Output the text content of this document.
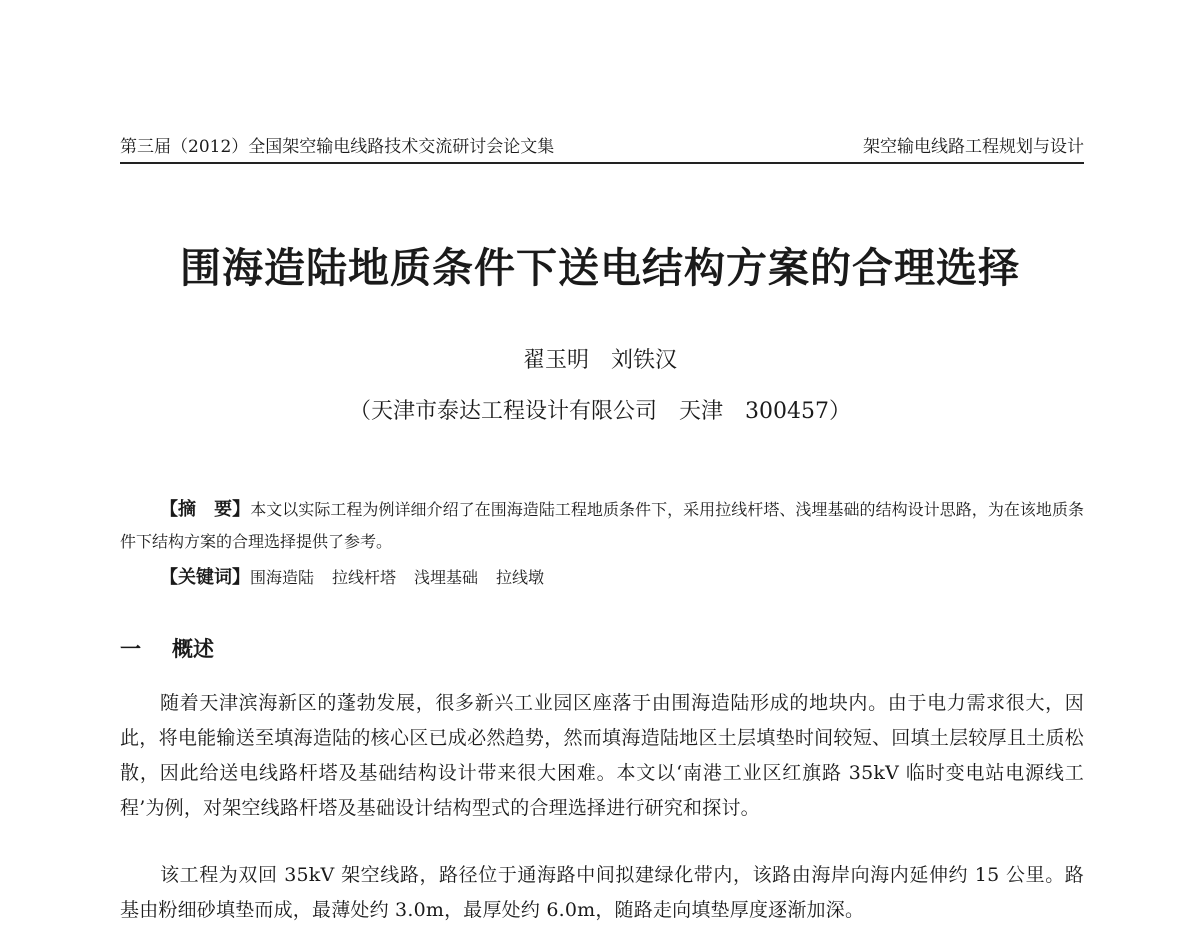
第三届（2012）全国架空输电线路技术交流研讨会论文集	架空输电线路工程规划与设计
围海造陆地质条件下送电结构方案的合理选择
翟玉明 刘铁汉
（天津市泰达工程设计有限公司　天津　300457）
【摘　要】本文以实际工程为例详细介绍了在围海造陆工程地质条件下，采用拉线杆塔、浅埋基础的结构设计思路，为在该地质条件下结构方案的合理选择提供了参考。
【关键词】围海造陆 拉线杆塔 浅埋基础 拉线墩
一 概述

随着天津滨海新区的蓬勃发展，很多新兴工业园区座落于由围海造陆形成的地块内。由于电力需求很大，因此，将电能输送至填海造陆的核心区已成必然趋势，然而填海造陆地区土层填垫时间较短、回填土层较厚且土质松散，因此给送电线路杆塔及基础结构设计带来很大困难。本文以‘南港工业区红旗路 35kV 临时变电站电源线工程’为例，对架空线路杆塔及基础设计结构型式的合理选择进行研究和探讨。

该工程为双回 35kV 架空线路，路径位于通海路中间拟建绿化带内，该路由海岸向海内延伸约 15 公里。路基由粉细砂填垫而成，最薄处约 3.0m，最厚处约 6.0m，随路走向填垫厚度逐渐加深。
